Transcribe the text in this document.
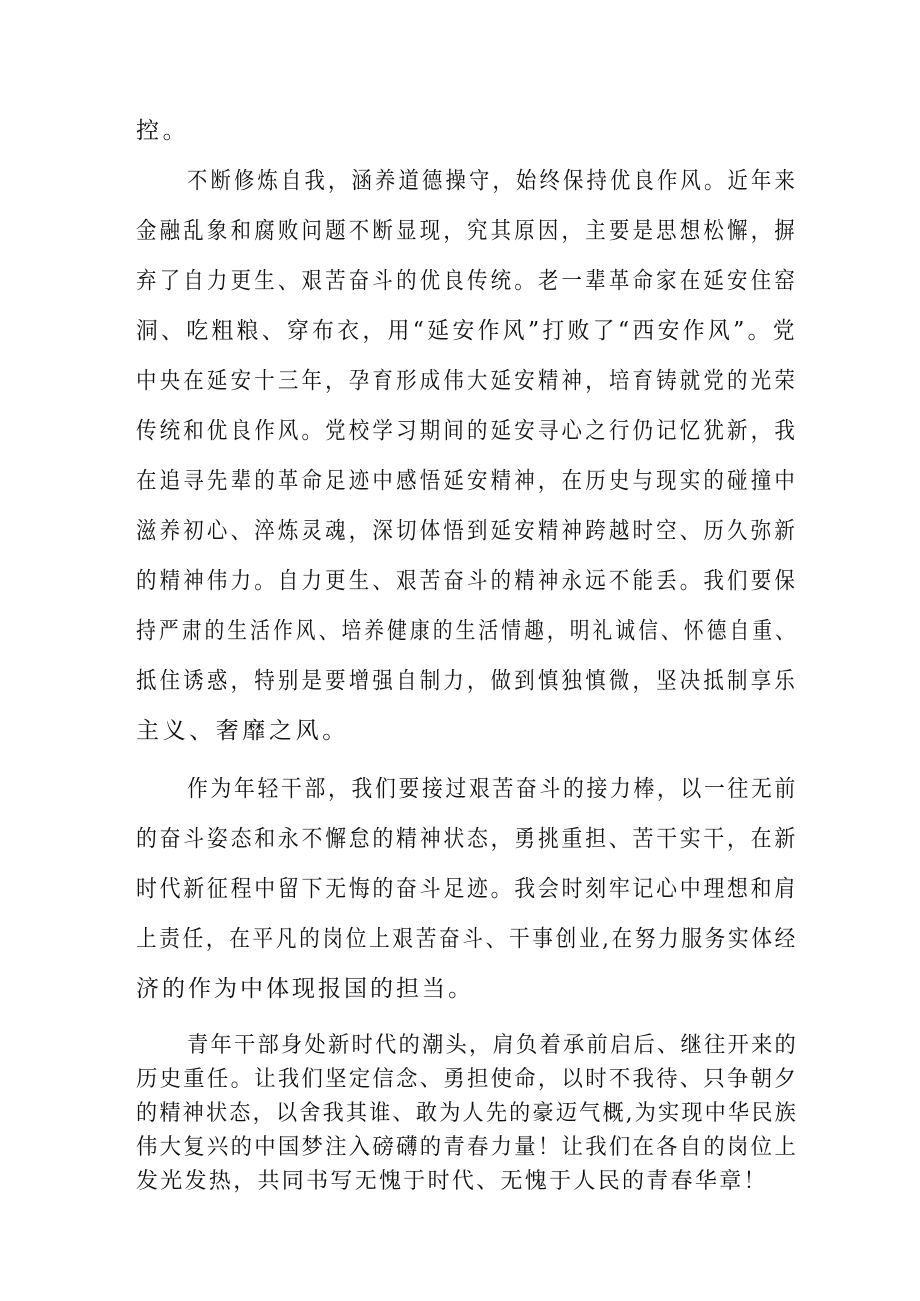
控。

不断修炼自我，涵养道德操守，始终保持优良作风。近年来

金融乱象和腐败问题不断显现，究其原因，主要是思想松懈，摒

弃了自力更生、艰苦奋斗的优良传统。老一辈革命家在延安住窑

洞、吃粗粮、穿布衣，用“延安作风”打败了“西安作风”。党

中央在延安十三年，孕育形成伟大延安精神，培育铸就党的光荣

传统和优良作风。党校学习期间的延安寻心之行仍记忆犹新，我

在追寻先辈的革命足迹中感悟延安精神，在历史与现实的碰撞中

滋养初心、淬炼灵魂，深切体悟到延安精神跨越时空、历久弥新

的精神伟力。自力更生、艰苦奋斗的精神永远不能丢。我们要保

持严肃的生活作风、培养健康的生活情趣，明礼诚信、怀德自重、

抵住诱惑，特别是要增强自制力，做到慎独慎微，坚决抵制享乐

主义、奢靡之风。

作为年轻干部，我们要接过艰苦奋斗的接力棒，以一往无前

的奋斗姿态和永不懈怠的精神状态，勇挑重担、苦干实干，在新

时代新征程中留下无悔的奋斗足迹。我会时刻牢记心中理想和肩

上责任，在平凡的岗位上艰苦奋斗、干事创业,在努力服务实体经

济的作为中体现报国的担当。

青年干部身处新时代的潮头，肩负着承前启后、继往开来的

历史重任。让我们坚定信念、勇担使命，以时不我待、只争朝夕

的精神状态，以舍我其谁、敢为人先的豪迈气概,为实现中华民族

伟大复兴的中国梦注入磅礴的青春力量！让我们在各自的岗位上

发光发热，共同书写无愧于时代、无愧于人民的青春华章！
